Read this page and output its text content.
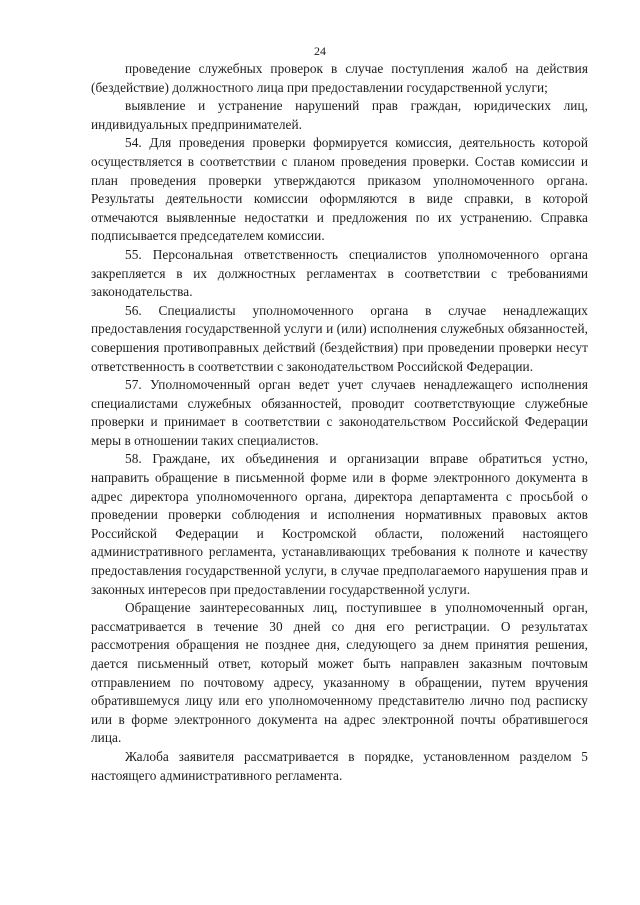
24

проведение служебных проверок в случае поступления жалоб на действия (бездействие) должностного лица при предоставлении государственной услуги;

выявление и устранение нарушений прав граждан, юридических лиц, индивидуальных предпринимателей.

54. Для проведения проверки формируется комиссия, деятельность которой осуществляется в соответствии с планом проведения проверки. Состав комиссии и план проведения проверки утверждаются приказом уполномоченного органа. Результаты деятельности комиссии оформляются в виде справки, в которой отмечаются выявленные недостатки и предложения по их устранению. Справка подписывается председателем комиссии.

55. Персональная ответственность специалистов уполномоченного органа закрепляется в их должностных регламентах в соответствии с требованиями законодательства.

56. Специалисты уполномоченного органа в случае ненадлежащих предоставления государственной услуги и (или) исполнения служебных обязанностей, совершения противоправных действий (бездействия) при проведении проверки несут ответственность в соответствии с законодательством Российской Федерации.

57. Уполномоченный орган ведет учет случаев ненадлежащего исполнения специалистами служебных обязанностей, проводит соответствующие служебные проверки и принимает в соответствии с законодательством Российской Федерации меры в отношении таких специалистов.

58. Граждане, их объединения и организации вправе обратиться устно, направить обращение в письменной форме или в форме электронного документа в адрес директора уполномоченного органа, директора департамента с просьбой о проведении проверки соблюдения и исполнения нормативных правовых актов Российской Федерации и Костромской области, положений настоящего административного регламента, устанавливающих требования к полноте и качеству предоставления государственной услуги, в случае предполагаемого нарушения прав и законных интересов при предоставлении государственной услуги.

Обращение заинтересованных лиц, поступившее в уполномоченный орган, рассматривается в течение 30 дней со дня его регистрации. О результатах рассмотрения обращения не позднее дня, следующего за днем принятия решения, дается письменный ответ, который может быть направлен заказным почтовым отправлением по почтовому адресу, указанному в обращении, путем вручения обратившемуся лицу или его уполномоченному представителю лично под расписку или в форме электронного документа на адрес электронной почты обратившегося лица.

Жалоба заявителя рассматривается в порядке, установленном разделом 5 настоящего административного регламента.
